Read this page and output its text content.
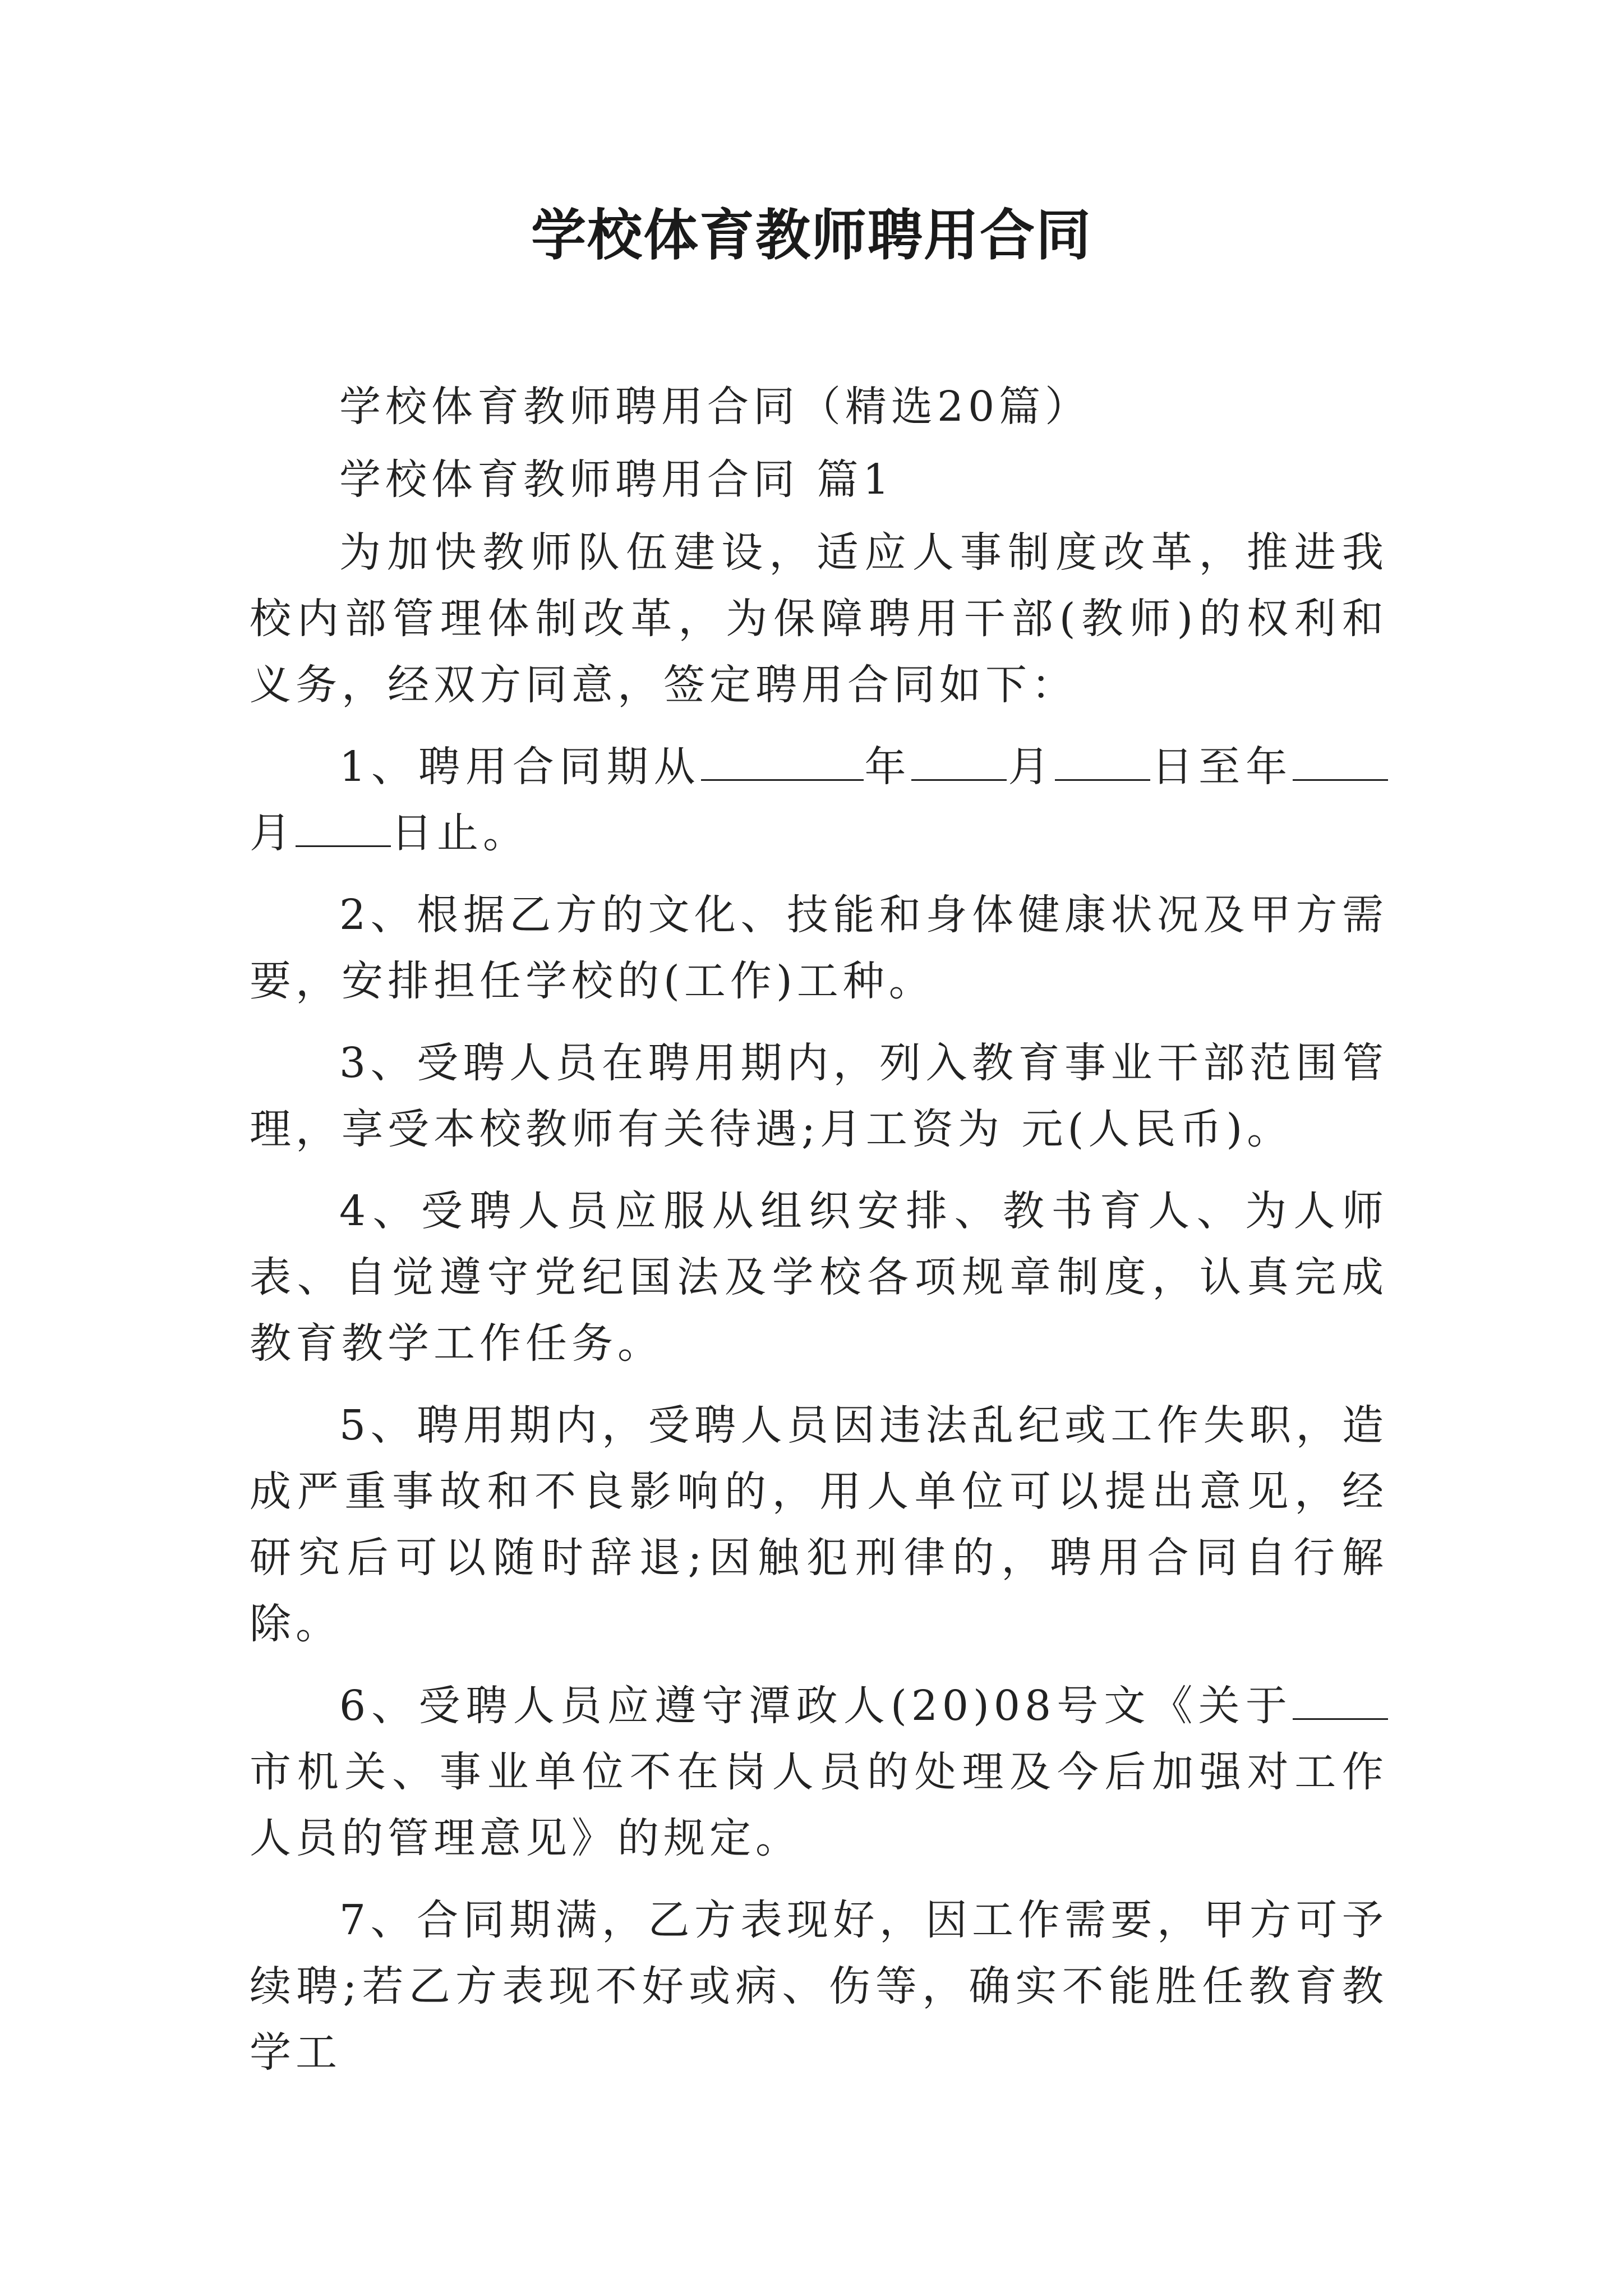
学校体育教师聘用合同

学校体育教师聘用合同（精选20篇）

学校体育教师聘用合同 篇1

为加快教师队伍建设，适应人事制度改革，推进我校内部管理体制改革，为保障聘用干部(教师)的权利和义务，经双方同意，签定聘用合同如下：

1、聘用合同期从	年 月 日至年月 日止。

2、根据乙方的文化、技能和身体健康状况及甲方需要，安排担任学校的(工作)工种。

3、受聘人员在聘用期内，列入教育事业干部范围管理，享受本校教师有关待遇;月工资为 元(人民币)。

4、受聘人员应服从组织安排、教书育人、为人师表、自觉遵守党纪国法及学校各项规章制度，认真完成教育教学工作任务。

5、聘用期内，受聘人员因违法乱纪或工作失职，造成严重事故和不良影响的，用人单位可以提出意见，经研究后可以随时辞退;因触犯刑律的，聘用合同自行解除。

6、受聘人员应遵守潭政人(20)08号文《关于市机关、事业单位不在岗人员的处理及今后加强对工作人员的管理意见》的规定。

7、合同期满，乙方表现好，因工作需要，甲方可予续聘;若乙方表现不好或病、伤等，确实不能胜任教育教学工
